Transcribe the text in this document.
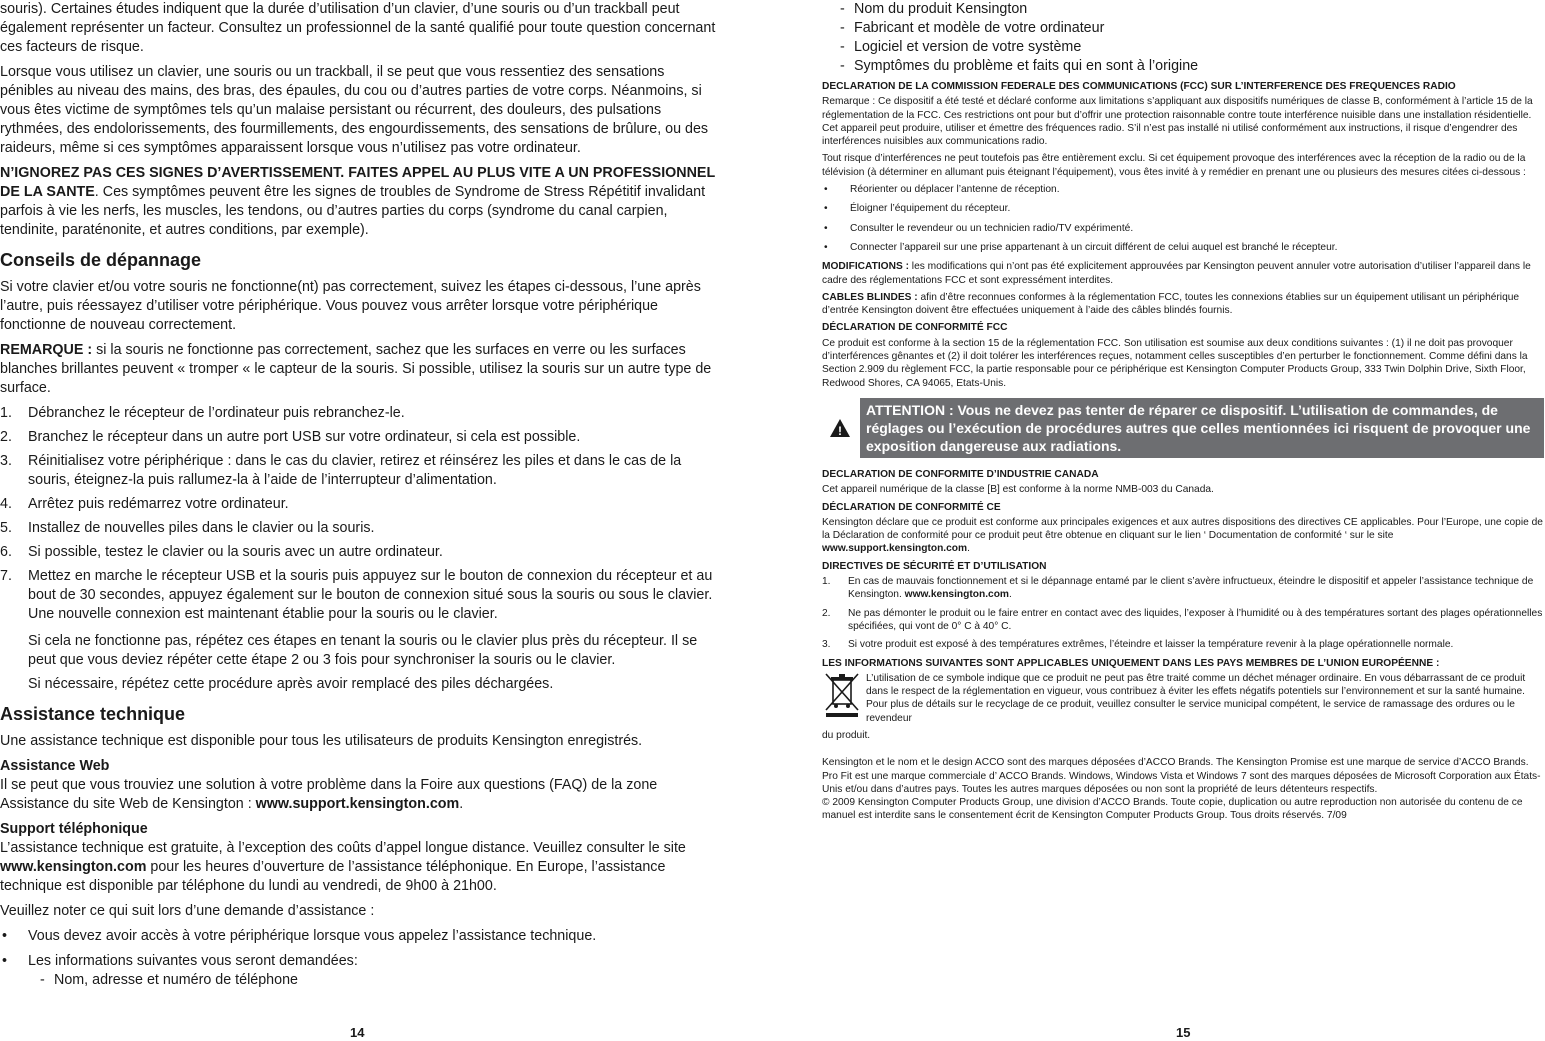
souris). Certaines études indiquent que la durée d’utilisation d’un clavier, d’une souris ou d’un trackball peut également représenter un facteur. Consultez un professionnel de la santé qualifié pour toute question concernant ces facteurs de risque.

Lorsque vous utilisez un clavier, une souris ou un trackball, il se peut que vous ressentiez des sensations pénibles au niveau des mains, des bras, des épaules, du cou ou d’autres parties de votre corps. Néanmoins, si vous êtes victime de symptômes tels qu’un malaise persistant ou récurrent, des douleurs, des pulsations rythmées, des endolorissements, des fourmillements, des engourdissements, des sensations de brûlure, ou des raideurs, même si ces symptômes apparaissent lorsque vous n’utilisez pas votre ordinateur.

N’IGNOREZ PAS CES SIGNES D’AVERTISSEMENT. FAITES APPEL AU PLUS VITE A UN PROFESSIONNEL DE LA SANTE. Ces symptômes peuvent être les signes de troubles de Syndrome de Stress Répétitif invalidant parfois à vie les nerfs, les muscles, les tendons, ou d’autres parties du corps (syndrome du canal carpien, tendinite, paraténonite, et autres conditions, par exemple).

Conseils de dépannage

Si votre clavier et/ou votre souris ne fonctionne(nt) pas correctement, suivez les étapes ci-dessous, l’une après l’autre, puis réessayez d’utiliser votre périphérique. Vous pouvez vous arrêter lorsque votre périphérique fonctionne de nouveau correctement.

REMARQUE : si la souris ne fonctionne pas correctement, sachez que les surfaces en verre ou les surfaces blanches brillantes peuvent « tromper « le capteur de la souris. Si possible, utilisez la souris sur un autre type de surface.

1. Débranchez le récepteur de l’ordinateur puis rebranchez-le.
2. Branchez le récepteur dans un autre port USB sur votre ordinateur, si cela est possible.
3. Réinitialisez votre périphérique : dans le cas du clavier, retirez et réinsérez les piles et dans le cas de la souris, éteignez-la puis rallumez-la à l’aide de l’interrupteur d’alimentation.
4. Arrêtez puis redémarrez votre ordinateur.
5. Installez de nouvelles piles dans le clavier ou la souris.
6. Si possible, testez le clavier ou la souris avec un autre ordinateur.
7. Mettez en marche le récepteur USB et la souris puis appuyez sur le bouton de connexion du récepteur et au bout de 30 secondes, appuyez également sur le bouton de connexion situé sous la souris ou sous le clavier. Une nouvelle connexion est maintenant établie pour la souris ou le clavier.

Si cela ne fonctionne pas, répétez ces étapes en tenant la souris ou le clavier plus près du récepteur. Il se peut que vous deviez répéter cette étape 2 ou 3 fois pour synchroniser la souris ou le clavier.

Si nécessaire, répétez cette procédure après avoir remplacé des piles déchargées.

Assistance technique

Une assistance technique est disponible pour tous les utilisateurs de produits Kensington enregistrés.

Assistance Web

Il se peut que vous trouviez une solution à votre problème dans la Foire aux questions (FAQ) de la zone Assistance du site Web de Kensington : www.support.kensington.com.

Support téléphonique

L’assistance technique est gratuite, à l’exception des coûts d’appel longue distance. Veuillez consulter le site www.kensington.com pour les heures d’ouverture de l’assistance téléphonique. En Europe, l’assistance technique est disponible par téléphone du lundi au vendredi, de 9h00 à 21h00.

Veuillez noter ce qui suit lors d’une demande d’assistance :

• Vous devez avoir accès à votre périphérique lorsque vous appelez l’assistance technique.
• Les informations suivantes vous seront demandées:
- Nom, adresse et numéro de téléphone
14
- Nom du produit Kensington
- Fabricant et modèle de votre ordinateur
- Logiciel et version de votre système
- Symptômes du problème et faits qui en sont à l’origine
DECLARATION DE LA COMMISSION FEDERALE DES COMMUNICATIONS (FCC) SUR L’INTERFERENCE DES FREQUENCES RADIO

Remarque : Ce dispositif a été testé et déclaré conforme aux limitations s’appliquant aux dispositifs numériques de classe B, conformément à l’article 15 de la réglementation de la FCC. Ces restrictions ont pour but d’offrir une protection raisonnable contre toute interférence nuisible dans une installation résidentielle. Cet appareil peut produire, utiliser et émettre des fréquences radio. S’il n’est pas installé ni utilisé conformément aux instructions, il risque d’engendrer des interférences nuisibles aux communications radio.

Tout risque d’interférences ne peut toutefois pas être entièrement exclu. Si cet équipement provoque des interférences avec la réception de la radio ou de la télévision (à déterminer en allumant puis éteignant l’équipement), vous êtes invité à y remédier en prenant une ou plusieurs des mesures citées ci-dessous :

• Réorienter ou déplacer l’antenne de réception.
• Éloigner l’équipement du récepteur.
• Consulter le revendeur ou un technicien radio/TV expérimenté.
• Connecter l’appareil sur une prise appartenant à un circuit différent de celui auquel est branché le récepteur.

MODIFICATIONS : les modifications qui n’ont pas été explicitement approuvées par Kensington peuvent annuler votre autorisation d’utiliser l’appareil dans le cadre des réglementations FCC et sont expressément interdites.

CABLES BLINDES : afin d’être reconnues conformes à la réglementation FCC, toutes les connexions établies sur un équipement utilisant un périphérique d’entrée Kensington doivent être effectuées uniquement à l’aide des câbles blindés fournis.

DÉCLARATION DE CONFORMITÉ FCC

Ce produit est conforme à la section 15 de la réglementation FCC. Son utilisation est soumise aux deux conditions suivantes : (1) il ne doit pas provoquer d’interférences gênantes et (2) il doit tolérer les interférences reçues, notamment celles susceptibles d’en perturber le fonctionnement. Comme défini dans la Section 2.909 du règlement FCC, la partie responsable pour ce périphérique est Kensington Computer Products Group, 333 Twin Dolphin Drive, Sixth Floor, Redwood Shores, CA 94065, Etats-Unis.

!
ATTENTION : Vous ne devez pas tenter de réparer ce dispositif. L’utilisation de commandes, de réglages ou l’exécution de procédures autres que celles mentionnées ici risquent de provoquer une exposition dangereuse aux radiations.
DECLARATION DE CONFORMITE D’INDUSTRIE CANADA

Cet appareil numérique de la classe [B] est conforme à la norme NMB-003 du Canada.

DÉCLARATION DE CONFORMITÉ CE

Kensington déclare que ce produit est conforme aux principales exigences et aux autres dispositions des directives CE applicables. Pour l’Europe, une copie de la Déclaration de conformité pour ce produit peut être obtenue en cliquant sur le lien ‘ Documentation de conformité ‘ sur le site www.support.kensington.com.

DIRECTIVES DE SÉCURITÉ ET D’UTILISATION
1. En cas de mauvais fonctionnement et si le dépannage entamé par le client s’avère infructueux, éteindre le dispositif et appeler l’assistance technique de Kensington. www.kensington.com.
2. Ne pas démonter le produit ou le faire entrer en contact avec des liquides, l’exposer à l’humidité ou à des températures sortant des plages opérationnelles spécifiées, qui vont de 0° C à 40° C.
3. Si votre produit est exposé à des températures extrêmes, l’éteindre et laisser la température revenir à la plage opérationnelle normale.
LES INFORMATIONS SUIVANTES SONT APPLICABLES UNIQUEMENT DANS LES PAYS MEMBRES DE L’UNION EUROPÉENNE :

L’utilisation de ce symbole indique que ce produit ne peut pas être traité comme un déchet ménager ordinaire. En vous débarrassant de ce produit dans le respect de la réglementation en vigueur, vous contribuez à éviter les effets négatifs potentiels sur l’environnement et sur la santé humaine. Pour plus de détails sur le recyclage de ce produit, veuillez consulter le service municipal compétent, le service de ramassage des ordures ou le revendeur

du produit.

Kensington et le nom et le design ACCO sont des marques déposées d’ACCO Brands. The Kensington Promise est une marque de service d’ACCO Brands. Pro Fit est une marque commerciale d’ ACCO Brands. Windows, Windows Vista et Windows 7 sont des marques déposées de Microsoft Corporation aux États-Unis et/ou dans d’autres pays. Toutes les autres marques déposées ou non sont la propriété de leurs détenteurs respectifs.

© 2009 Kensington Computer Products Group, une division d’ACCO Brands. Toute copie, duplication ou autre reproduction non autorisée du contenu de ce manuel est interdite sans le consentement écrit de Kensington Computer Products Group. Tous droits réservés. 7/09

15
